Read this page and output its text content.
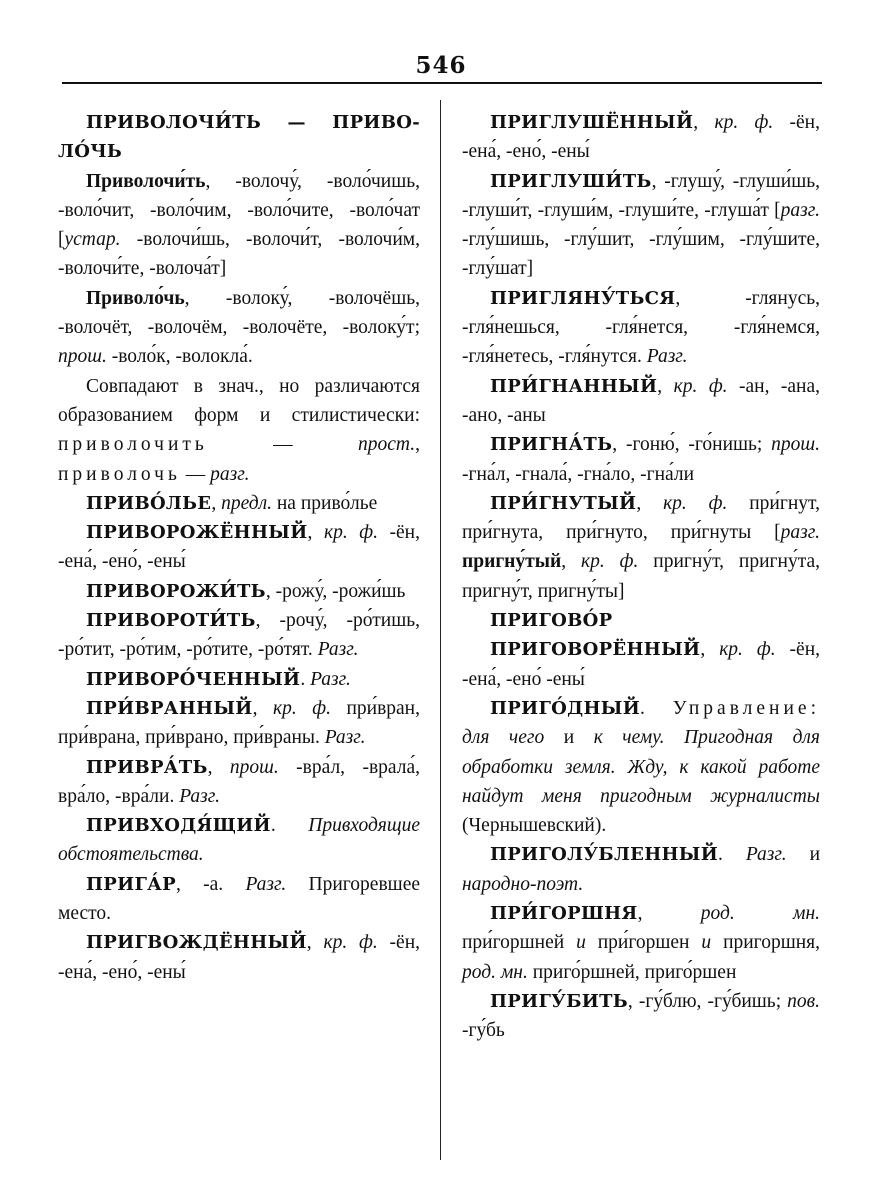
546

ПРИВОЛОЧИ́ТЬ — ПРИВО-ЛО́ЧЬ

Приволочи́ть, -волочу́, -воло́чишь, -воло́чит, -воло́чим, -воло́чите, -воло́чат [устар. -волочи́шь, -волочи́т, -волочи́м, -волочи́те, -волоча́т]

Приволо́чь, -волоку́, -волочёшь, -волочёт, -волочём, -волочёте, -волоку́т; прош. -воло́к, -волокла́.

Совпадают в знач., но различаются образованием форм и стилистически: приволочить — прост., приволочь — разг.

ПРИВО́ЛЬЕ, предл. на приво́лье

ПРИВОРОЖЁННЫЙ, кр. ф. -ён, -ена́, -ено́, -ены́

ПРИВОРОЖИ́ТЬ, -рожу́, -рожи́шь

ПРИВОРОТИ́ТЬ, -рочу́, -ро́тишь, -ро́тит, -ро́тим, -ро́тите, -ро́тят. Разг.

ПРИВОРО́ЧЕННЫЙ. Разг.

ПРИ́ВРАННЫЙ, кр. ф. при́вран, при́врана, при́врано, при́враны. Разг.

ПРИВРА́ТЬ, прош. -вра́л, -врала́, вра́ло, -вра́ли. Разг.

ПРИВХОДЯ́ЩИЙ. Привходящие обстоятельства.

ПРИГА́Р, -а. Разг. Пригоревшее место.

ПРИГВОЖДЁННЫЙ, кр. ф. -ён, -ена́, -ено́, -ены́

ПРИГЛУШЁННЫЙ, кр. ф. -ён, -ена́, -ено́, -ены́

ПРИГЛУШИ́ТЬ, -глушу́, -глуши́шь, -глуши́т, -глуши́м, -глуши́те, -глуша́т [разг. -глу́шишь, -глу́шит, -глу́шим, -глу́шите, -глу́шат]

ПРИГЛЯНУ́ТЬСЯ, -глянусь, -гля́нешься, -гля́нется, -гля́немся, -гля́нетесь, -гля́нутся. Разг.

ПРИ́ГНАННЫЙ, кр. ф. -ан, -ана, -ано, -аны

ПРИГНА́ТЬ, -гоню́, -го́нишь; прош. -гна́л, -гнала́, -гна́ло, -гна́ли

ПРИ́ГНУТЫЙ, кр. ф. при́гнут, при́гнута, при́гнуто, при́гнуты [разг. пригну́тый, кр. ф. пригну́т, пригну́та, пригну́т, пригну́ты]

ПРИГОВО́Р

ПРИГОВОРЁННЫЙ, кр. ф. -ён, -ена́, -ено́ -ены́

ПРИГО́ДНЫЙ. Управление: для чего и к чему. Пригодная для обработки земля. Жду, к какой работе найдут меня пригодным журналисты (Чернышевский).

ПРИГОЛУ́БЛЕННЫЙ. Разг. и народно-поэт.

ПРИ́ГОРШНЯ, род. мн. при́горшней и при́горшен и пригоршня, род. мн. приго́ршней, приго́ршен

ПРИГУ́БИТЬ, -гу́блю, -гу́бишь; пов. -гу́бь
